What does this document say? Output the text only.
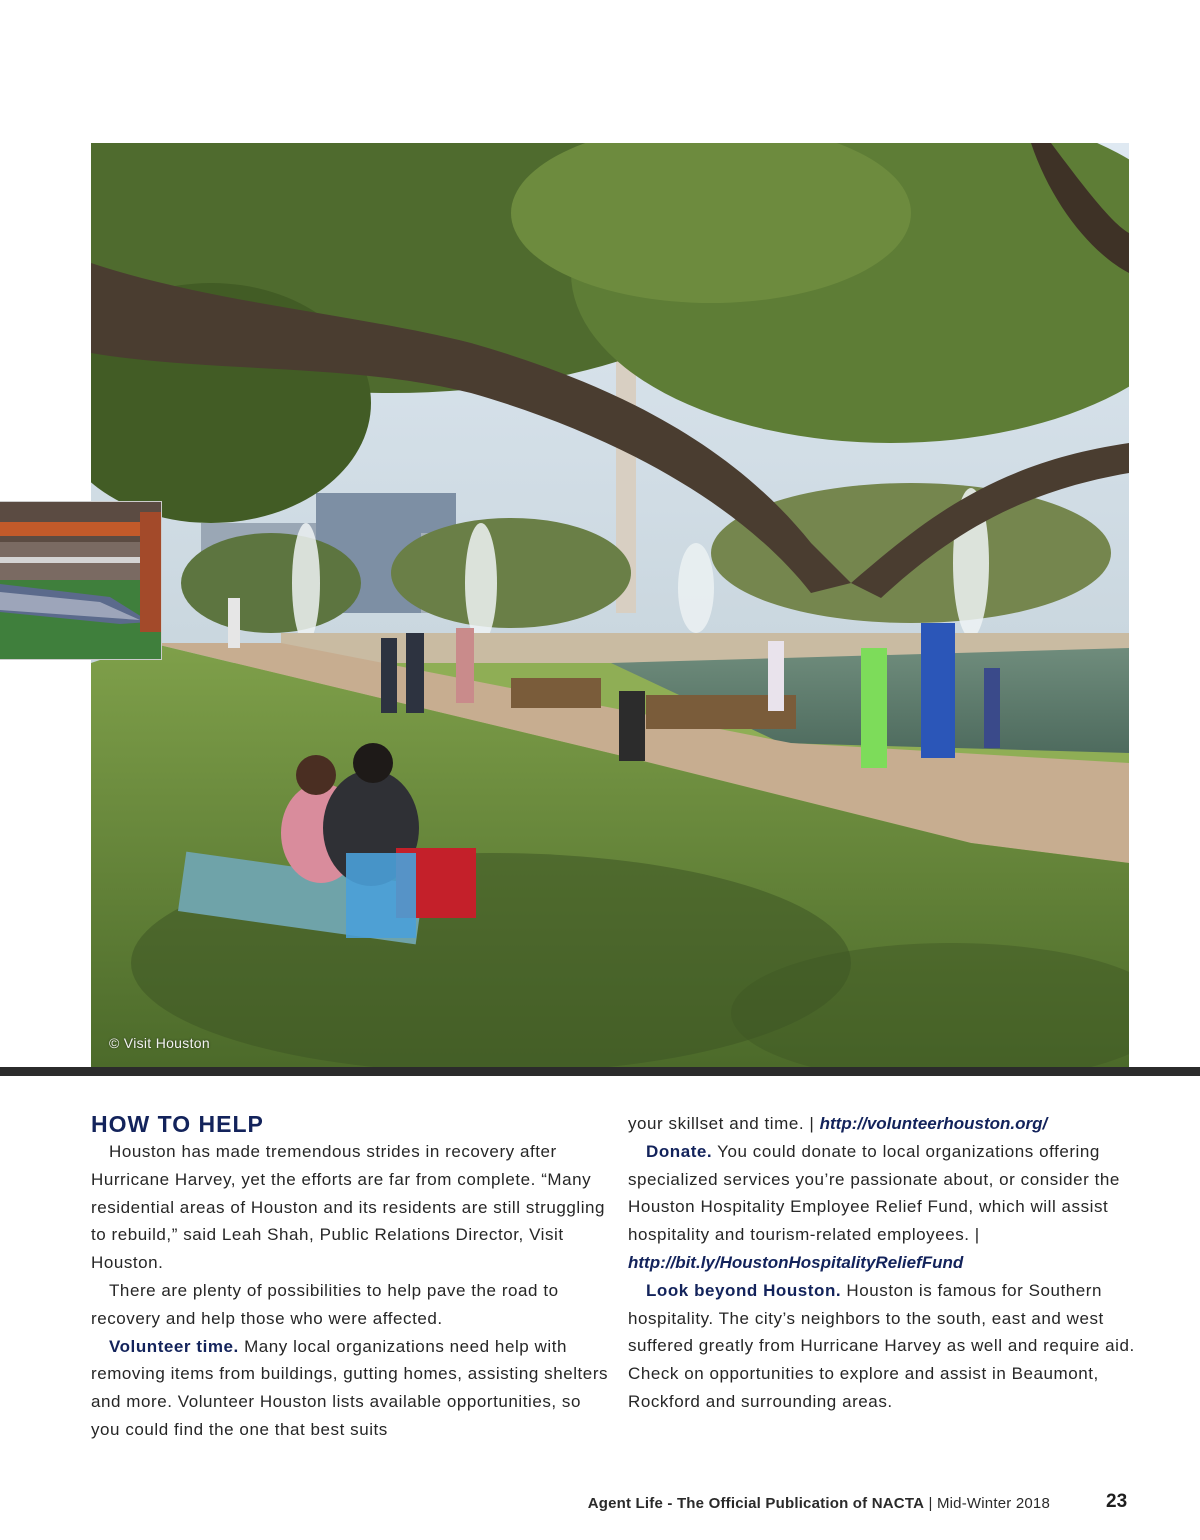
© Visit Houston
HOW TO HELP

Houston has made tremendous strides in recovery after Hurricane Harvey, yet the efforts are far from complete. “Many residential areas of Houston and its residents are still struggling to rebuild,” said Leah Shah, Public Relations Director, Visit Houston.

There are plenty of possibilities to help pave the road to recovery and help those who were affected.

Volunteer time. Many local organizations need help with removing items from buildings, gutting homes, assisting shelters and more. Volunteer Houston lists available opportunities, so you could find the one that best suits

your skillset and time. | http://volunteerhouston.org/

Donate. You could donate to local organizations offering specialized services you’re passionate about, or consider the Houston Hospitality Employee Relief Fund, which will assist hospitality and tourism-related employees. | http://bit.ly/HoustonHospitalityReliefFund

Look beyond Houston. Houston is famous for Southern hospitality. The city’s neighbors to the south, east and west suffered greatly from Hurricane Harvey as well and require aid. Check on opportunities to explore and assist in Beaumont, Rockford and surrounding areas.

Agent Life - The Official Publication of NACTA | Mid-Winter 2018	23
